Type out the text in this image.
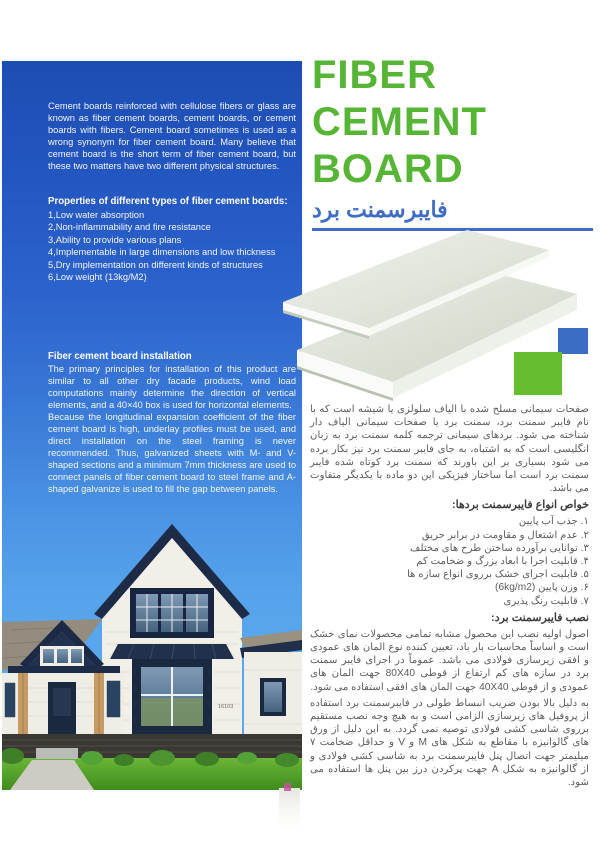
Cement boards reinforced with cellulose fibers or glass are known as fiber cement boards, cement boards, or cement boards with fibers. Cement board sometimes is used as a wrong synonym for fiber cement board. Many believe that cement board is the short term of fiber cement board, but these two matters have two different physical structures.

Properties of different types of fiber cement boards:
1,Low water absorption
2,Non-inflammability and fire resistance
3,Ability to provide various plans
4,Implementable in large dimensions and low thickness
5,Dry implementation on different kinds of structures
6,Low weight (13kg/M2)
Fiber cement board installation

The primary principles for installation of this product are similar to all other dry facade products, wind load computations mainly determine the direction of vertical elements, and a 40×40 box is used for horizontal elements.

Because the longitudinal expansion coefficient of the fiber cement board is high, underlay profiles must be used, and direct installation on the steel framing is never recommended. Thus, galvanized sheets with M- and V-shaped sections and a minimum 7mm thickness are used to connect panels of fiber cement board to steel frame and A-shaped galvanize is used to fill the gap between panels.

16103
FIBER
CEMENT
BOARD
فایبرسمنت برد

صفحات سیمانی مسلح شده با الیاف سلولزی یا شیشه است که با نام فایبر سمنت برد، سمنت برد یا صفحات سیمانی الیاف دار شناخته می شود. بردهای سیمانی ترجمه کلمه سمنت برد به زبان انگلیسی است که به اشتباه، به جای فایبر سمنت برد نیز بکار برده می شود بسیاری بر این باورند که سمنت برد کوتاه شده فایبر سمنت برد است اما ساختار فیزیکی این دو ماده با یکدیگر متفاوت می باشد.

خواص انواع فایبرسمنت بردها:
۱. جذب آب پایین
۲. عدم اشتعال و مقاومت در برابر حریق
۳. توانایی برآورده ساختن طرح های مختلف
۴. قابلیت اجرا با ابعاد بزرگ و ضخامت کم
۵. قابلیت اجرای خشک برروی انواع سازه ها
۶. وزن پایین (6kg/m2)
۷. قابلیت رنگ پذیری
نصب فایبرسمنت برد:

اصول اولیه نصب این محصول مشابه تمامی محصولات نمای خشک است و اساساً محاسبات بار باد، تعیین کننده نوع المان های عمودی و افقی زیرسازی فولادی می باشد. عموماً در اجرای فایبر سمنت برد در سازه های کم ارتفاع از قوطی 80X40 جهت المان های عمودی و از قوطی 40X40 جهت المان های افقی استفاده می شود.

به دلیل بالا بودن ضریب انبساط طولی در فایبرسمنت برد استفاده از پروفیل های زیرسازی الزامی است و به هیچ وجه نصب مستقیم برروی شاسی کشی فولادی توصیه نمی گردد. به این دلیل از ورق های گالوانیزه با مقاطع به شکل های M و V و حداقل ضخامت ۷ میلیمتر جهت اتصال پنل فایبرسمنت برد به شاسی کشی فولادی و از گالوانیزه به شکل A جهت پرکردن درز بین پنل ها استفاده می شود.
